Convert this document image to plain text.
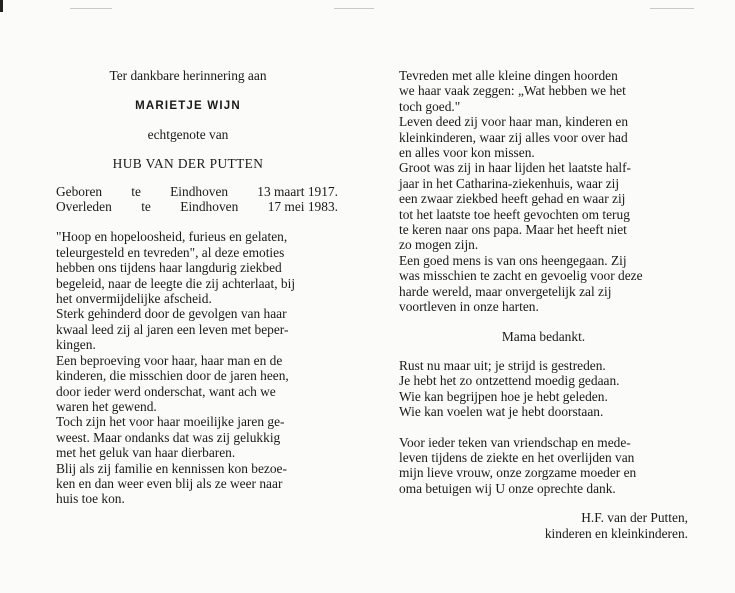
Ter dankbare herinnering aan
MARIETJE WIJN
echtgenote van
HUB VAN DER PUTTEN
Geboren te Eindhoven 13 maart 1917.
Overleden te Eindhoven 17 mei 1983.
"Hoop en hopeloosheid, furieus en gelaten,
teleurgesteld en tevreden", al deze emoties
hebben ons tijdens haar langdurig ziekbed
begeleid, naar de leegte die zij achterlaat, bij
het onvermijdelijke afscheid.
Sterk gehinderd door de gevolgen van haar
kwaal leed zij al jaren een leven met beper-
kingen.
Een beproeving voor haar, haar man en de
kinderen, die misschien door de jaren heen,
door ieder werd onderschat, want ach we
waren het gewend.
Toch zijn het voor haar moeilijke jaren ge-
weest. Maar ondanks dat was zij gelukkig
met het geluk van haar dierbaren.
Blij als zij familie en kennissen kon bezoe-
ken en dan weer even blij als ze weer naar
huis toe kon.
Tevreden met alle kleine dingen hoorden
we haar vaak zeggen: „Wat hebben we het
toch goed."
Leven deed zij voor haar man, kinderen en
kleinkinderen, waar zij alles voor over had
en alles voor kon missen.
Groot was zij in haar lijden het laatste half-
jaar in het Catharina-ziekenhuis, waar zij
een zwaar ziekbed heeft gehad en waar zij
tot het laatste toe heeft gevochten om terug
te keren naar ons papa. Maar het heeft niet
zo mogen zijn.
Een goed mens is van ons heengegaan. Zij
was misschien te zacht en gevoelig voor deze
harde wereld, maar onvergetelijk zal zij
voortleven in onze harten.
Mama bedankt.
Rust nu maar uit; je strijd is gestreden.
Je hebt het zo ontzettend moedig gedaan.
Wie kan begrijpen hoe je hebt geleden.
Wie kan voelen wat je hebt doorstaan.
Voor ieder teken van vriendschap en mede-
leven tijdens de ziekte en het overlijden van
mijn lieve vrouw, onze zorgzame moeder en
oma betuigen wij U onze oprechte dank.
H.F. van der Putten,
kinderen en kleinkinderen.
